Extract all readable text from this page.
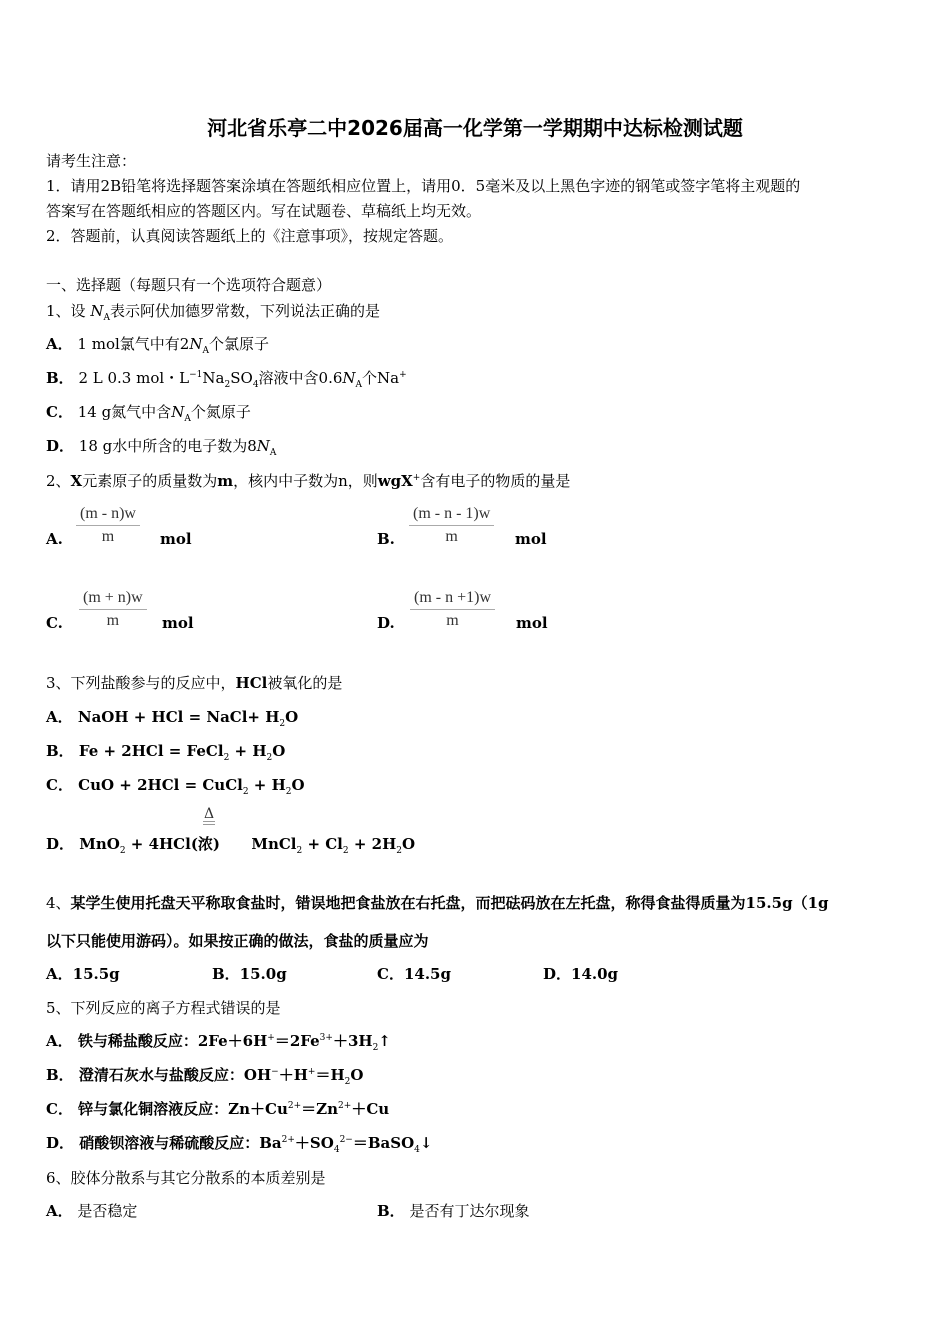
河北省乐亭二中2026届高一化学第一学期期中达标检测试题
请考生注意：
1．请用2B铅笔将选择题答案涂填在答题纸相应位置上，请用0．5毫米及以上黑色字迹的钢笔或签字笔将主观题的
答案写在答题纸相应的答题区内。写在试题卷、草稿纸上均无效。
2．答题前，认真阅读答题纸上的《注意事项》，按规定答题。
一、选择题（每题只有一个选项符合题意）
1、设 $N_A$表示阿伏加德罗常数，下列说法正确的是
A． 1 mol氯气中有$2N_A$个氯原子
B． 2 L 0.3 mol・$L^{-1}Na_2SO_4$溶液中含$0.6N_A$个Na+
C． 14 g氮气中含$N_A$个氮原子
D． 18 g水中所含的电子数为$8N_A$
2、X元素原子的质量数为m，核内中子数为n，则wgX+含有电子的物质的量是
A. $\frac{(m - n)w}{m}$ mol	B. $\frac{(m - n - 1)w}{m}$ mol
C. $\frac{(m + n)w}{m}$ mol	D. $\frac{(m - n +1)w}{m}$ mol
3、下列盐酸参与的反应中，HCl被氧化的是
A． NaOH + HCl = NaCl+ $H_2O$
B． Fe + 2HCl = FeCl$_2$ + $H_2O$
C． CuO + 2HCl = CuCl$_2$ + $H_2O$
Δ
D． MnO$_2$ + 4HCl(浓)      MnCl$_2$ + $Cl_2 + 2H_2O$
4、某学生使用托盘天平称取食盐时，错误地把食盐放在右托盘，而把砝码放在左托盘，称得食盐得质量为15.5g（1g
以下只能使用游码）。如果按正确的做法，食盐的质量应为
A．15.5g	B．15.0g	C．14.5g	D．14.0g
5、下列反应的离子方程式错误的是
A． 铁与稀盐酸反应：$2Fe+6H^+=2Fe^{3+}+3H_2↑$
B． 澄清石灰水与盐酸反应：$OH^-+H^+=H_2O$
C． 锌与氯化铜溶液反应：$Zn+Cu^{2+}=Zn^{2+}+Cu$
D． 硝酸钡溶液与稀硫酸反应：$Ba^{2+}+SO_4^{2-}=BaSO_4↓$
6、胶体分散系与其它分散系的本质差别是
A． 是否稳定	B． 是否有丁达尔现象
